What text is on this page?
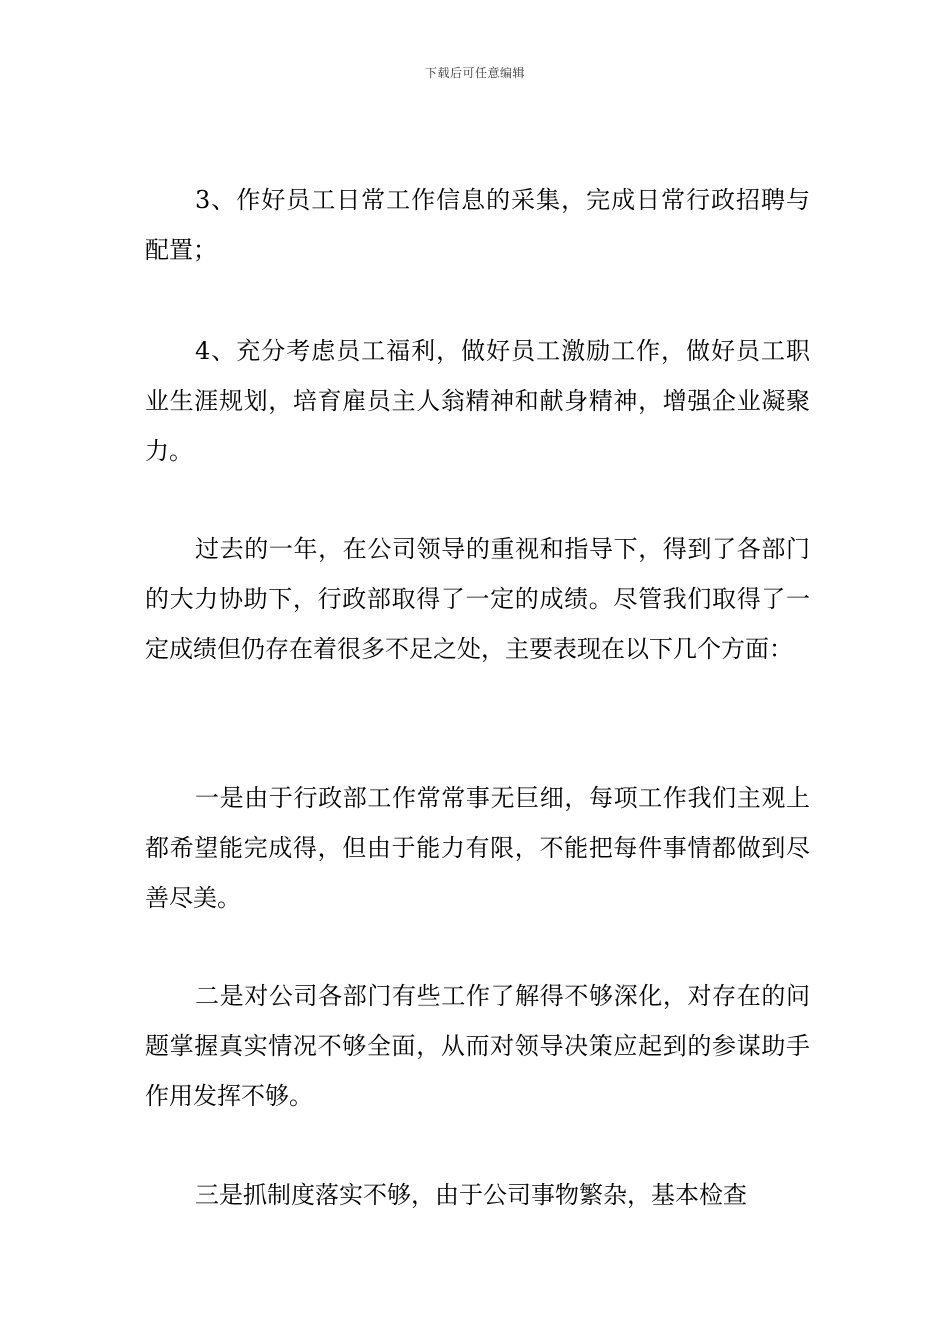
下载后可任意编辑

3、作好员工日常工作信息的采集，完成日常行政招聘与配置；

4、充分考虑员工福利，做好员工激励工作，做好员工职业生涯规划，培育雇员主人翁精神和献身精神，增强企业凝聚力。

过去的一年，在公司领导的重视和指导下，得到了各部门的大力协助下，行政部取得了一定的成绩。尽管我们取得了一定成绩但仍存在着很多不足之处，主要表现在以下几个方面：

一是由于行政部工作常常事无巨细，每项工作我们主观上都希望能完成得，但由于能力有限，不能把每件事情都做到尽善尽美。

二是对公司各部门有些工作了解得不够深化，对存在的问题掌握真实情况不够全面，从而对领导决策应起到的参谋助手作用发挥不够。

三是抓制度落实不够，由于公司事物繁杂，基本检查
